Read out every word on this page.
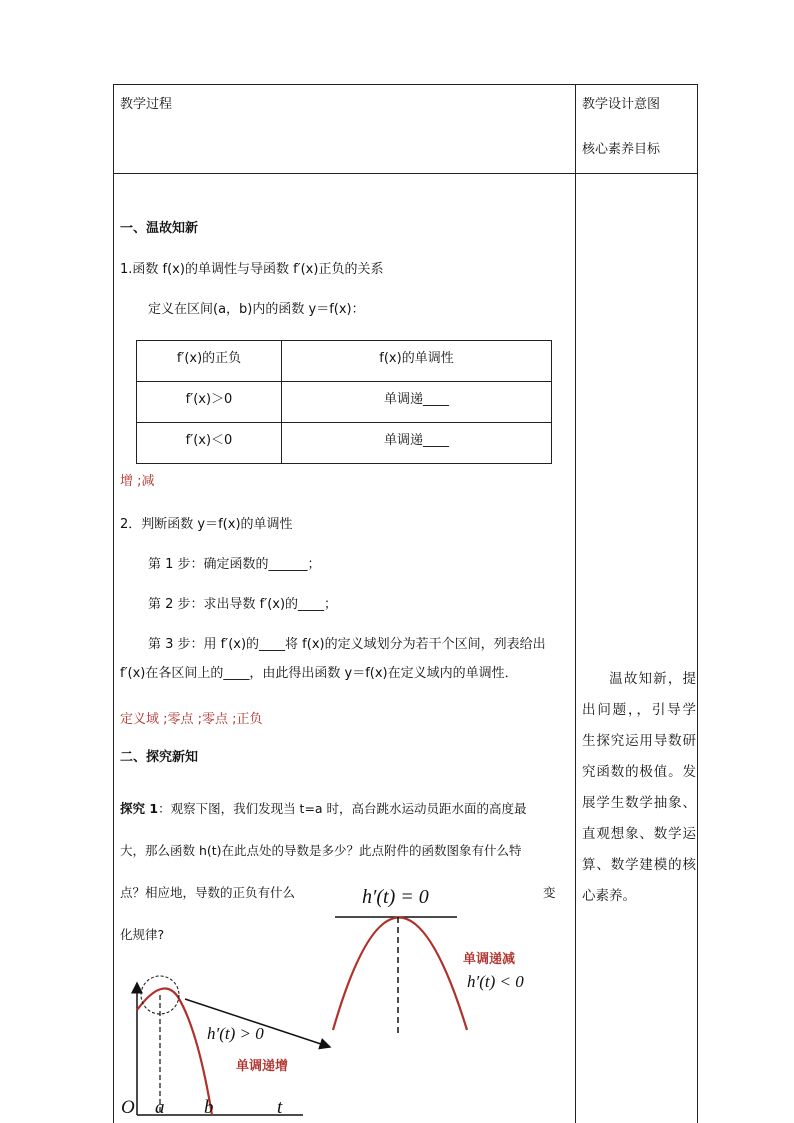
教学过程	教学设计意图
核心素养目标
一、温故知新
1.函数 f(x)的单调性与导函数 f′(x)正负的关系
定义在区间(a，b)内的函数 y＝f(x)：
f′(x)的正负	f(x)的单调性
f′(x)＞0	单调递____
f′(x)＜0	单调递____
增 ;减
2．判断函数 y＝f(x)的单调性
第 1 步：确定函数的______；
第 2 步：求出导数 f′(x)的____；
第 3 步：用 f′(x)的____将 f(x)的定义域划分为若干个区间，列表给出
f′(x)在各区间上的____，由此得出函数 y＝f(x)在定义域内的单调性．
定义域 ;零点 ;零点 ;正负
二、探究新知
探究 1：观察下图，我们发现当 t=a 时，高台跳水运动员距水面的高度最
大，那么函数 h(t)在此点处的导数是多少？此点附件的函数图象有什么特
点？相应地，导数的正负有什么	变
化规律?
h′(t) = 0
单调递减
h′(t) < 0
h′(t) > 0
单调递增
O a b	t
温故知新，提出问题，，引导学生探究运用导数研究函数的极值。发展学生数学抽象、直观想象、数学运算、数学建模的核心素养。
